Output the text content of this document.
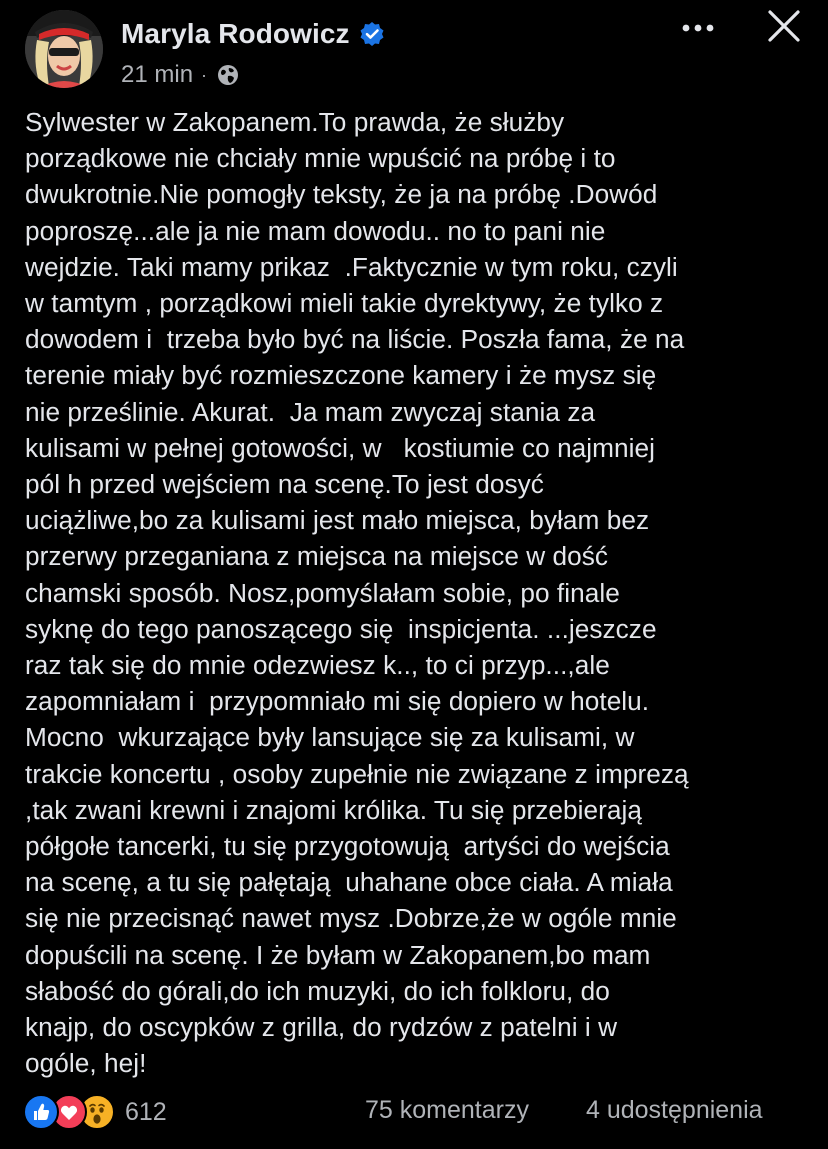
Maryla Rodowicz
21 min ·
Sylwester w Zakopanem.To prawda, że służby
porządkowe nie chciały mnie wpuścić na próbę i to
dwukrotnie.Nie pomogły teksty, że ja na próbę .Dowód
poproszę...ale ja nie mam dowodu.. no to pani nie
wejdzie. Taki mamy prikaz  .Faktycznie w tym roku, czyli
w tamtym , porządkowi mieli takie dyrektywy, że tylko z
dowodem i  trzeba było być na liście. Poszła fama, że na
terenie miały być rozmieszczone kamery i że mysz się
nie prześlinie. Akurat.  Ja mam zwyczaj stania za
kulisami w pełnej gotowości, w   kostiumie co najmniej
pól h przed wejściem na scenę.To jest dosyć
uciążliwe,bo za kulisami jest mało miejsca, byłam bez
przerwy przeganiana z miejsca na miejsce w dość
chamski sposób. Nosz,pomyślałam sobie, po finale
syknę do tego panoszącego się  inspicjenta. ...jeszcze
raz tak się do mnie odezwiesz k.., to ci przyp...,ale
zapomniałam i  przypomniało mi się dopiero w hotelu.
Mocno  wkurzające były lansujące się za kulisami, w
trakcie koncertu , osoby zupełnie nie związane z imprezą
,tak zwani krewni i znajomi królika. Tu się przebierają
półgołe tancerki, tu się przygotowują  artyści do wejścia
na scenę, a tu się pałętają  uhahane obce ciała. A miała
się nie przecisnąć nawet mysz .Dobrze,że w ogóle mnie
dopuścili na scenę. I że byłam w Zakopanem,bo mam
słabość do górali,do ich muzyki, do ich folkloru, do
knajp, do oscypków z grilla, do rydzów z patelni i w
ogóle, hej!
612	75 komentarzy 4 udostępnienia
